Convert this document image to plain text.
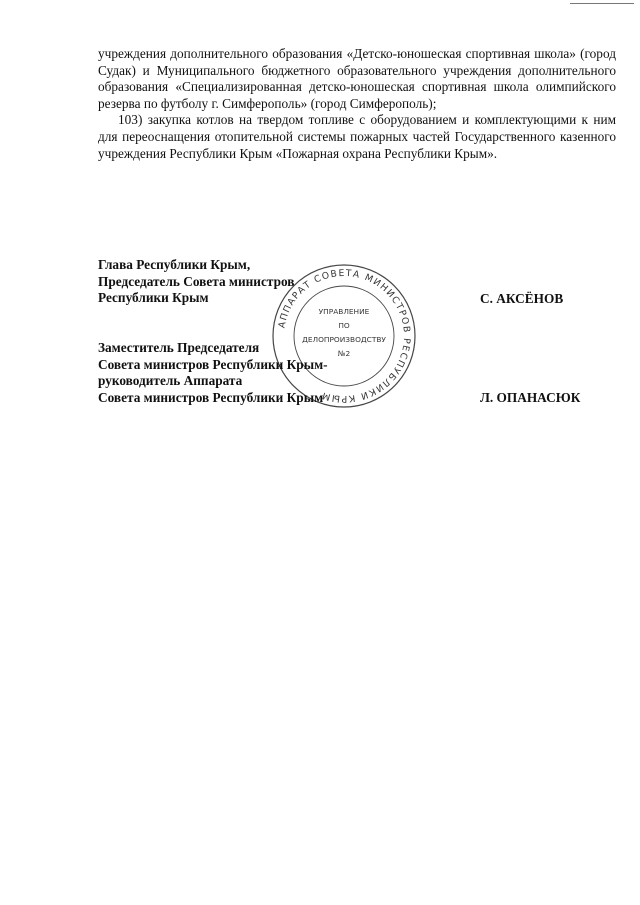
учреждения дополнительного образования «Детско-юношеская спортивная школа» (город Судак) и Муниципального бюджетного образовательного учреждения дополнительного образования «Специализированная детско-юношеская спортивная школа олимпийского резерва по футболу г. Симферополь» (город Симферополь);

103) закупка котлов на твердом топливе с оборудованием и комплектующими к ним для переоснащения отопительной системы пожарных частей Государственного казенного учреждения Республики Крым «Пожарная охрана Республики Крым».

АППАРАТ СОВЕТА МИНИСТРОВ РЕСПУБЛИКИ КРЫМ
УПРАВЛЕНИЕ
ПО
ДЕЛОПРОИЗВОДСТВУ
№2
Глава Республики Крым,
Председатель Совета министров
Республики Крым	С. АКСЁНОВ
Заместитель Председателя
Совета министров Республики Крым-
руководитель Аппарата
Совета министров Республики Крым	Л. ОПАНАСЮК
